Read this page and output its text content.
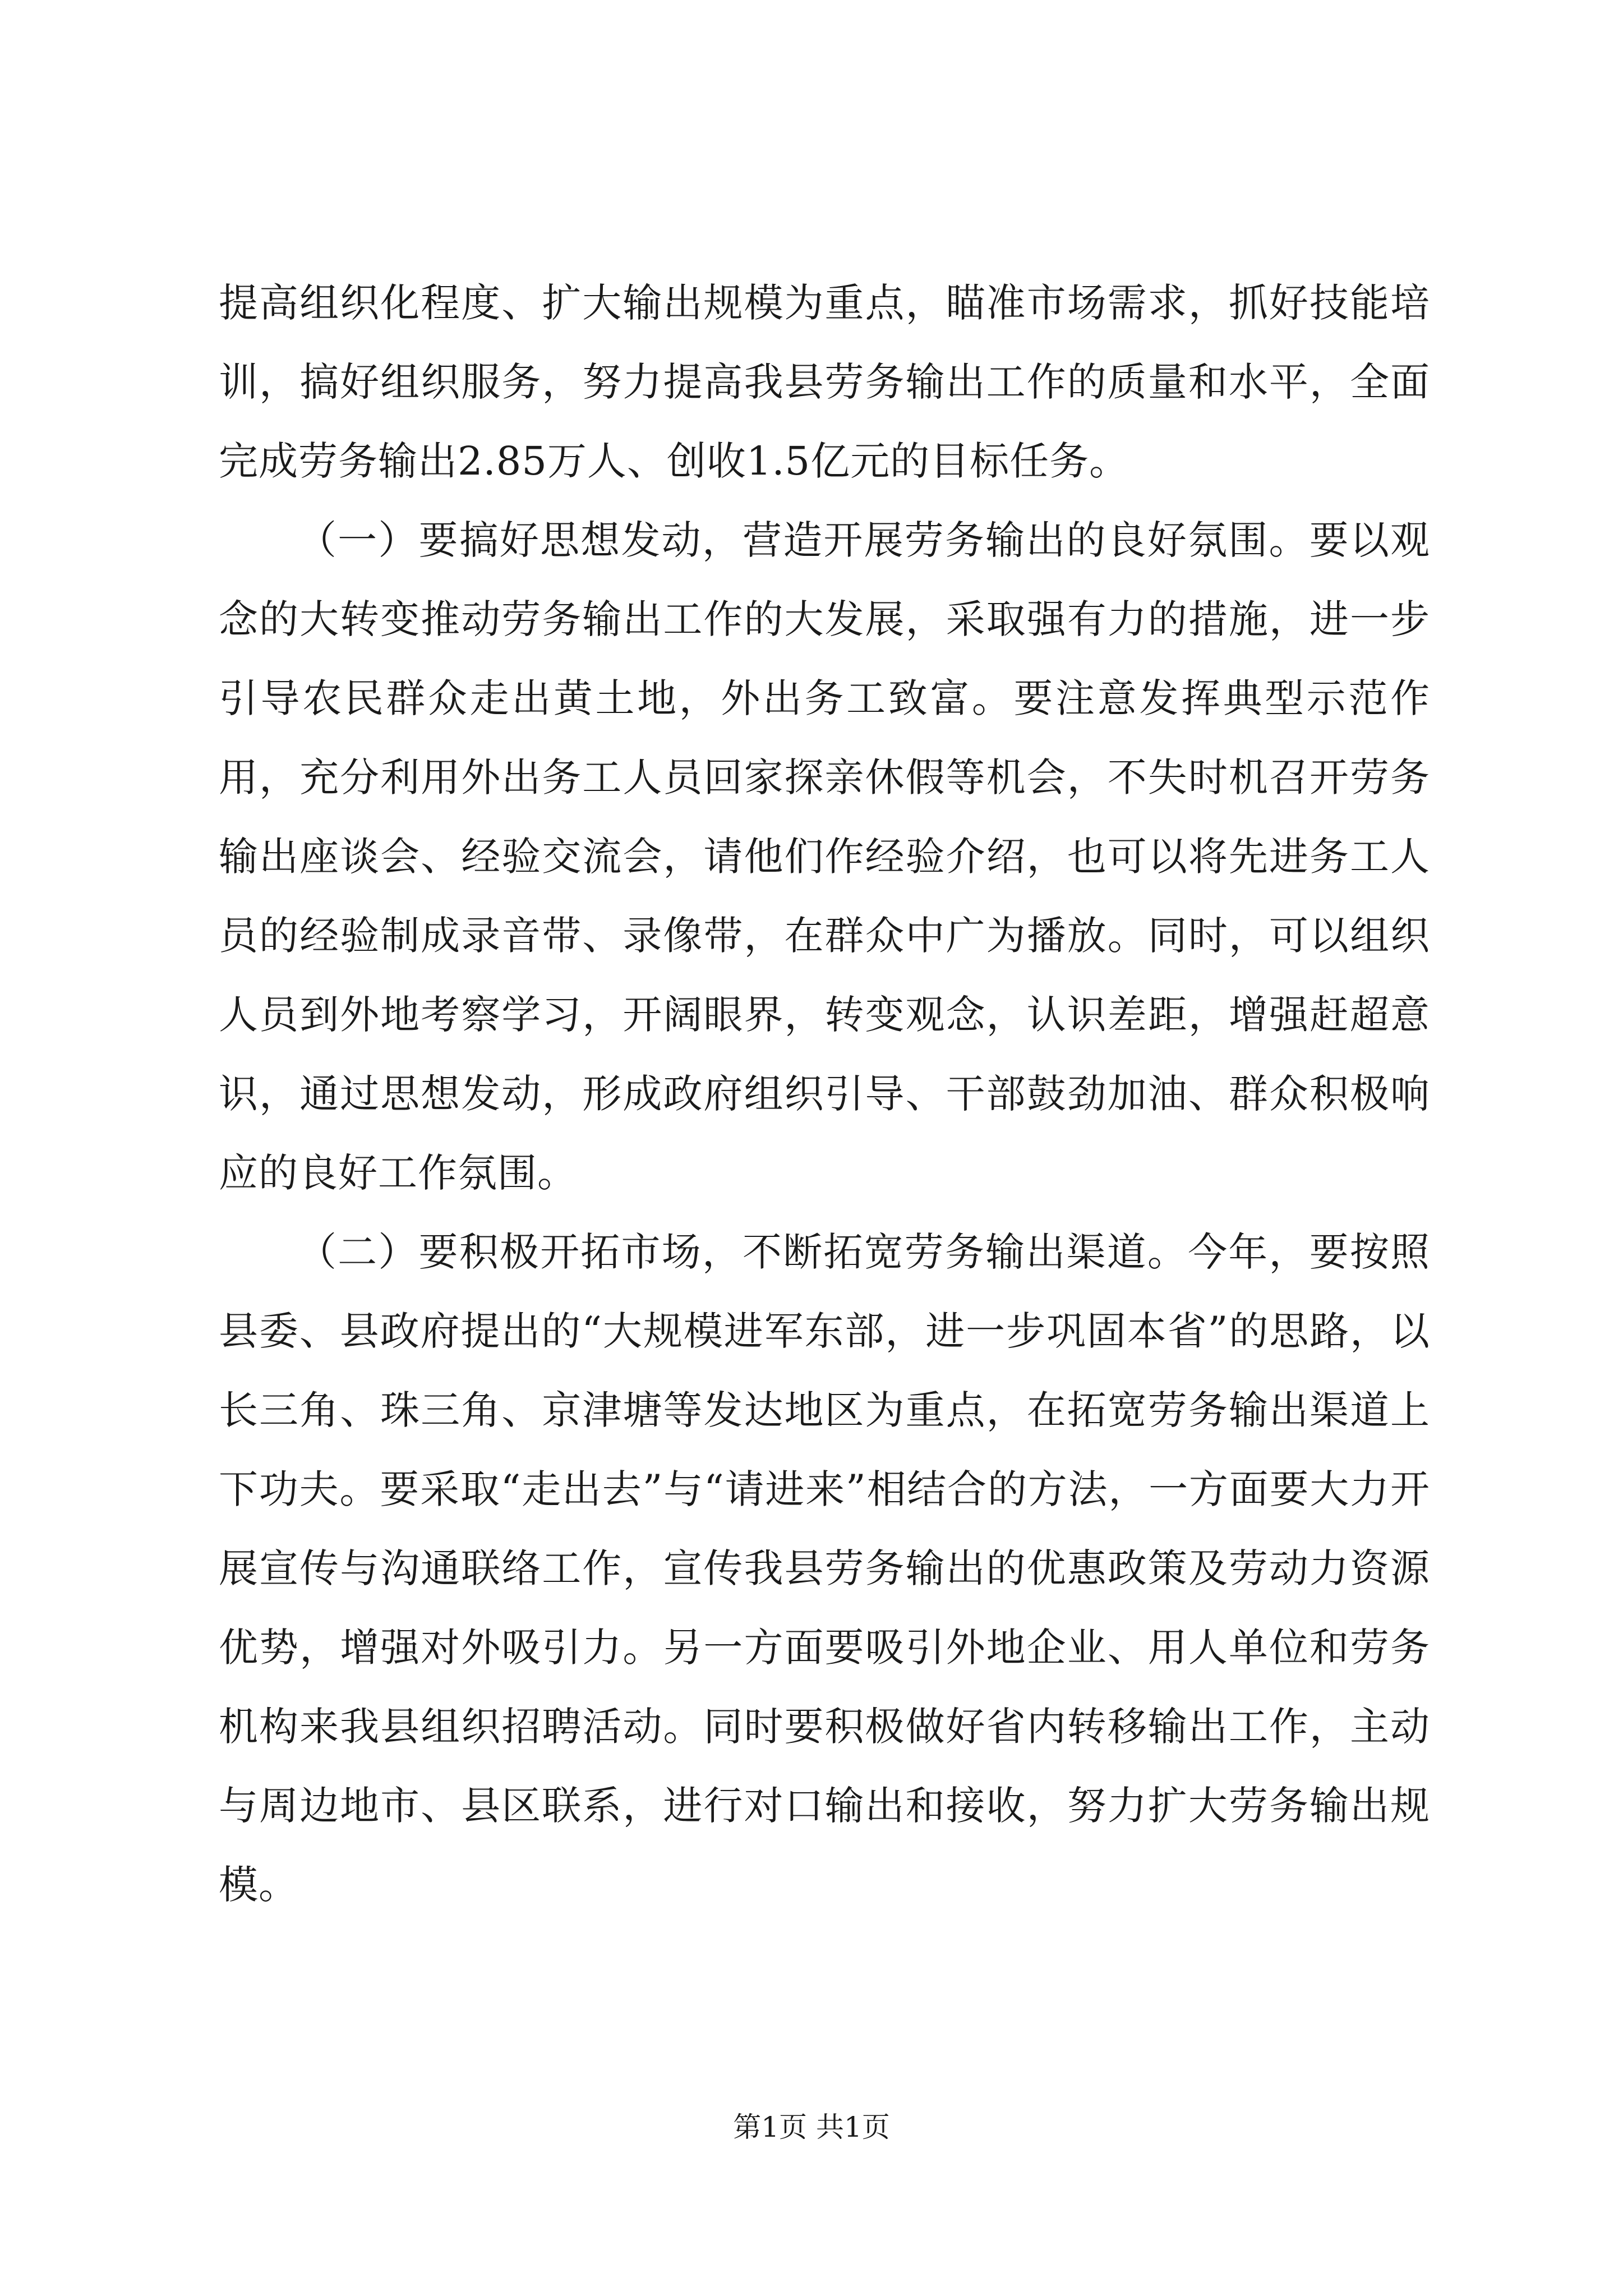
提高组织化程度、扩大输出规模为重点，瞄准市场需求，抓好技能培训，搞好组织服务，努力提高我县劳务输出工作的质量和水平，全面完成劳务输出2.85万人、创收1.5亿元的目标任务。

（一）要搞好思想发动，营造开展劳务输出的良好氛围。要以观念的大转变推动劳务输出工作的大发展，采取强有力的措施，进一步引导农民群众走出黄土地，外出务工致富。要注意发挥典型示范作用，充分利用外出务工人员回家探亲休假等机会，不失时机召开劳务输出座谈会、经验交流会，请他们作经验介绍，也可以将先进务工人员的经验制成录音带、录像带，在群众中广为播放。同时，可以组织人员到外地考察学习，开阔眼界，转变观念，认识差距，增强赶超意识，通过思想发动，形成政府组织引导、干部鼓劲加油、群众积极响应的良好工作氛围。

（二）要积极开拓市场，不断拓宽劳务输出渠道。今年，要按照县委、县政府提出的“大规模进军东部，进一步巩固本省”的思路，以长三角、珠三角、京津塘等发达地区为重点，在拓宽劳务输出渠道上下功夫。要采取“走出去”与“请进来”相结合的方法，一方面要大力开展宣传与沟通联络工作，宣传我县劳务输出的优惠政策及劳动力资源优势，增强对外吸引力。另一方面要吸引外地企业、用人单位和劳务机构来我县组织招聘活动。同时要积极做好省内转移输出工作，主动与周边地市、县区联系，进行对口输出和接收，努力扩大劳务输出规模。

第1页 共1页
